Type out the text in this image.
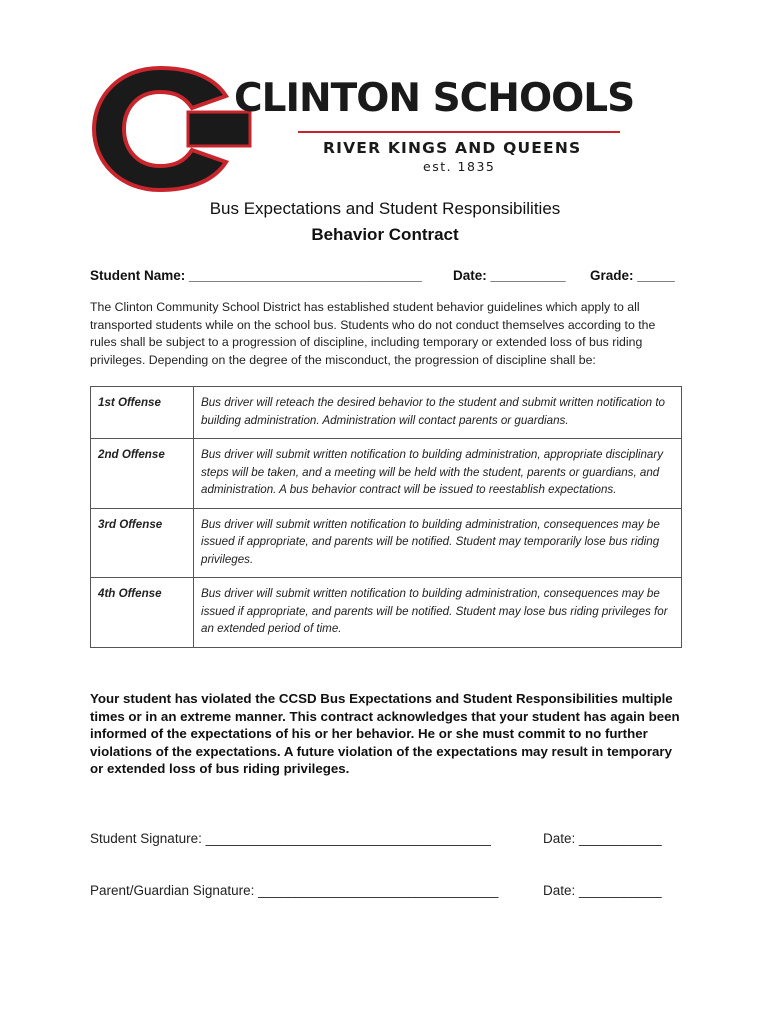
CLINTON SCHOOLS
RIVER KINGS AND QUEENS
est. 1835
Bus Expectations and Student Responsibilities
Behavior Contract
Student Name: _______________________________ Date: __________ Grade: _____
The Clinton Community School District has established student behavior guidelines which apply to all transported students while on the school bus. Students who do not conduct themselves according to the rules shall be subject to a progression of discipline, including temporary or extended loss of bus riding privileges. Depending on the degree of the misconduct, the progression of discipline shall be:
1st Offense	Bus driver will reteach the desired behavior to the student and submit written notification to building administration. Administration will contact parents or guardians.
2nd Offense	Bus driver will submit written notification to building administration, appropriate disciplinary steps will be taken, and a meeting will be held with the student, parents or guardians, and administration. A bus behavior contract will be issued to reestablish expectations.
3rd Offense	Bus driver will submit written notification to building administration, consequences may be issued if appropriate, and parents will be notified. Student may temporarily lose bus riding privileges.
4th Offense	Bus driver will submit written notification to building administration, consequences may be issued if appropriate, and parents will be notified. Student may lose bus riding privileges for an extended period of time.
Your student has violated the CCSD Bus Expectations and Student Responsibilities multiple times or in an extreme manner. This contract acknowledges that your student has again been informed of the expectations of his or her behavior. He or she must commit to no further violations of the expectations. A future violation of the expectations may result in temporary or extended loss of bus riding privileges.
Student Signature: ______________________________________	Date: ___________
Parent/Guardian Signature: ________________________________	Date: ___________
